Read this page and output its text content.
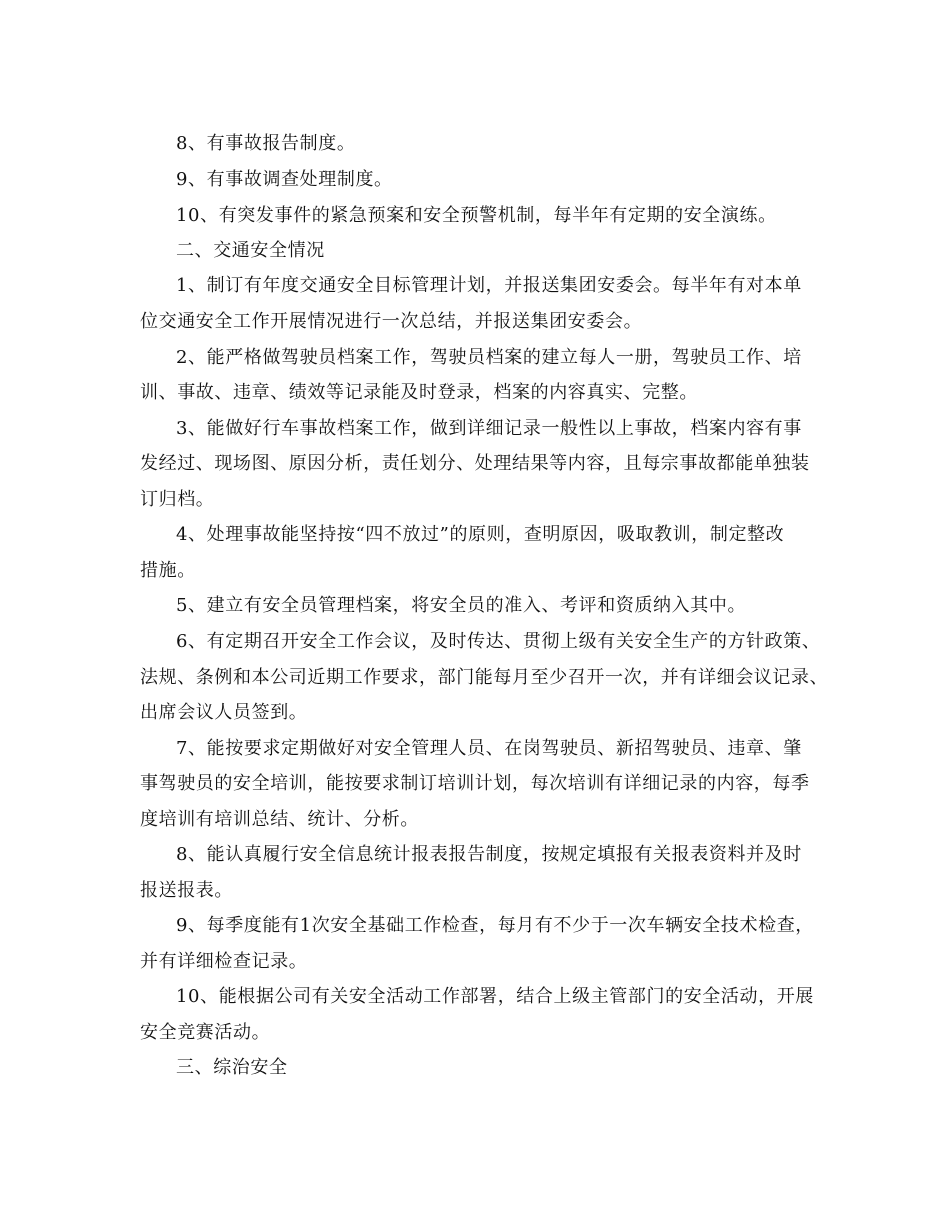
8、有事故报告制度。
9、有事故调查处理制度。
10、有突发事件的紧急预案和安全预警机制，每半年有定期的安全演练。
二、交通安全情况
1、制订有年度交通安全目标管理计划，并报送集团安委会。每半年有对本单
位交通安全工作开展情况进行一次总结，并报送集团安委会。
2、能严格做驾驶员档案工作，驾驶员档案的建立每人一册，驾驶员工作、培
训、事故、违章、绩效等记录能及时登录，档案的内容真实、完整。
3、能做好行车事故档案工作，做到详细记录一般性以上事故，档案内容有事
发经过、现场图、原因分析，责任划分、处理结果等内容，且每宗事故都能单独装
订归档。
4、处理事故能坚持按“四不放过”的原则，查明原因，吸取教训，制定整改
措施。
5、建立有安全员管理档案，将安全员的准入、考评和资质纳入其中。
6、有定期召开安全工作会议，及时传达、贯彻上级有关安全生产的方针政策、
法规、条例和本公司近期工作要求，部门能每月至少召开一次，并有详细会议记录、
出席会议人员签到。
7、能按要求定期做好对安全管理人员、在岗驾驶员、新招驾驶员、违章、肇
事驾驶员的安全培训，能按要求制订培训计划，每次培训有详细记录的内容，每季
度培训有培训总结、统计、分析。
8、能认真履行安全信息统计报表报告制度，按规定填报有关报表资料并及时
报送报表。
9、每季度能有1次安全基础工作检查，每月有不少于一次车辆安全技术检查，
并有详细检查记录。
10、能根据公司有关安全活动工作部署，结合上级主管部门的安全活动，开展
安全竞赛活动。
三、综治安全
